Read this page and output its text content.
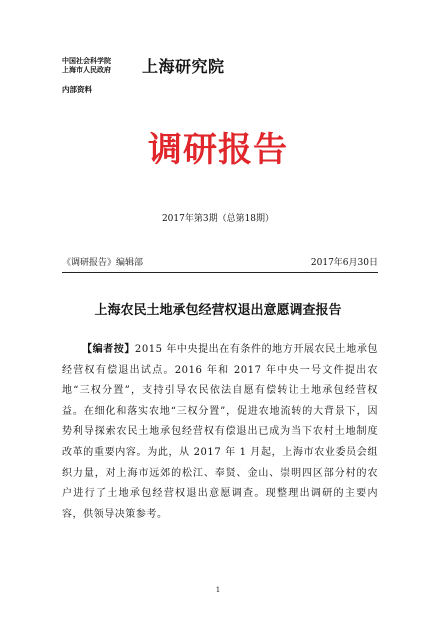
中国社会科学院
上海市人民政府	上海研究院
内部资料
调研报告
2017年第3期（总第18期）
《调研报告》编辑部	2017年6月30日
上海农民土地承包经营权退出意愿调查报告

【编者按】2015 年中央提出在有条件的地方开展农民土地承包经营权有偿退出试点。2016 年和 2017 年中央一号文件提出农地“三权分置”，支持引导农民依法自愿有偿转让土地承包经营权益。在细化和落实农地“三权分置”，促进农地流转的大背景下，因势利导探索农民土地承包经营权有偿退出已成为当下农村土地制度改革的重要内容。为此，从 2017 年 1 月起，上海市农业委员会组织力量，对上海市远郊的松江、奉贤、金山、崇明四区部分村的农户进行了土地承包经营权退出意愿调查。现整理出调研的主要内容，供领导决策参考。

1
